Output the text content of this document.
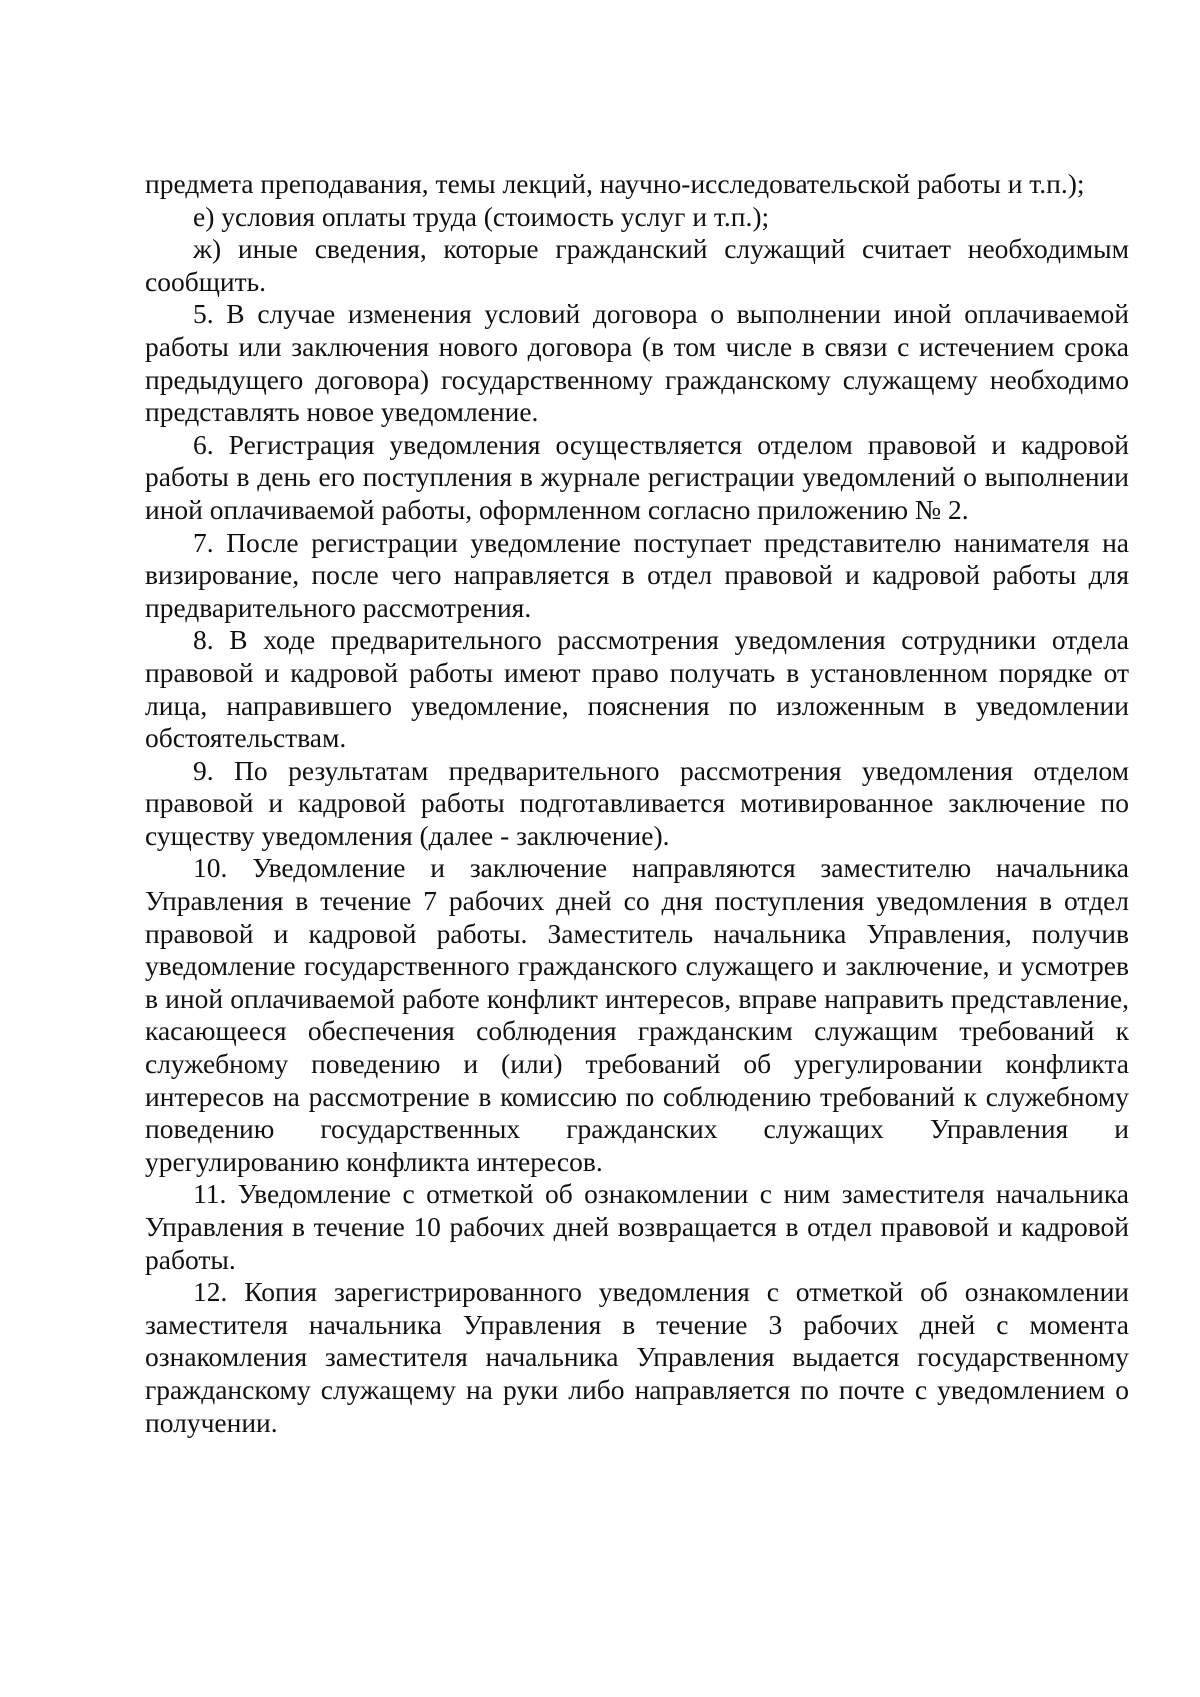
предмета преподавания, темы лекций, научно-исследовательской работы и т.п.);

е) условия оплаты труда (стоимость услуг и т.п.);

ж) иные сведения, которые гражданский служащий считает необходимым сообщить.

5. В случае изменения условий договора о выполнении иной оплачиваемой работы или заключения нового договора (в том числе в связи с истечением срока предыдущего договора) государственному гражданскому служащему необходимо представлять новое уведомление.

6. Регистрация уведомления осуществляется отделом правовой и кадровой работы в день его поступления в журнале регистрации уведомлений о выполнении иной оплачиваемой работы, оформленном согласно приложению № 2.

7. После регистрации уведомление поступает представителю нанимателя на визирование, после чего направляется в отдел правовой и кадровой работы для предварительного рассмотрения.

8. В ходе предварительного рассмотрения уведомления сотрудники отдела правовой и кадровой работы имеют право получать в установленном порядке от лица, направившего уведомление, пояснения по изложенным в уведомлении обстоятельствам.

9. По результатам предварительного рассмотрения уведомления отделом правовой и кадровой работы подготавливается мотивированное заключение по существу уведомления (далее - заключение).

10. Уведомление и заключение направляются заместителю начальника Управления в течение 7 рабочих дней со дня поступления уведомления в отдел правовой и кадровой работы. Заместитель начальника Управления, получив уведомление государственного гражданского служащего и заключение, и усмотрев в иной оплачиваемой работе конфликт интересов, вправе направить представление, касающееся обеспечения соблюдения гражданским служащим требований к служебному поведению и (или) требований об урегулировании конфликта интересов на рассмотрение в комиссию по соблюдению требований к служебному поведению государственных гражданских служащих Управления и урегулированию конфликта интересов.

11. Уведомление с отметкой об ознакомлении с ним заместителя начальника Управления в течение 10 рабочих дней возвращается в отдел правовой и кадровой работы.

12. Копия зарегистрированного уведомления с отметкой об ознакомлении заместителя начальника Управления в течение 3 рабочих дней с момента ознакомления заместителя начальника Управления выдается государственному гражданскому служащему на руки либо направляется по почте с уведомлением о получении.
